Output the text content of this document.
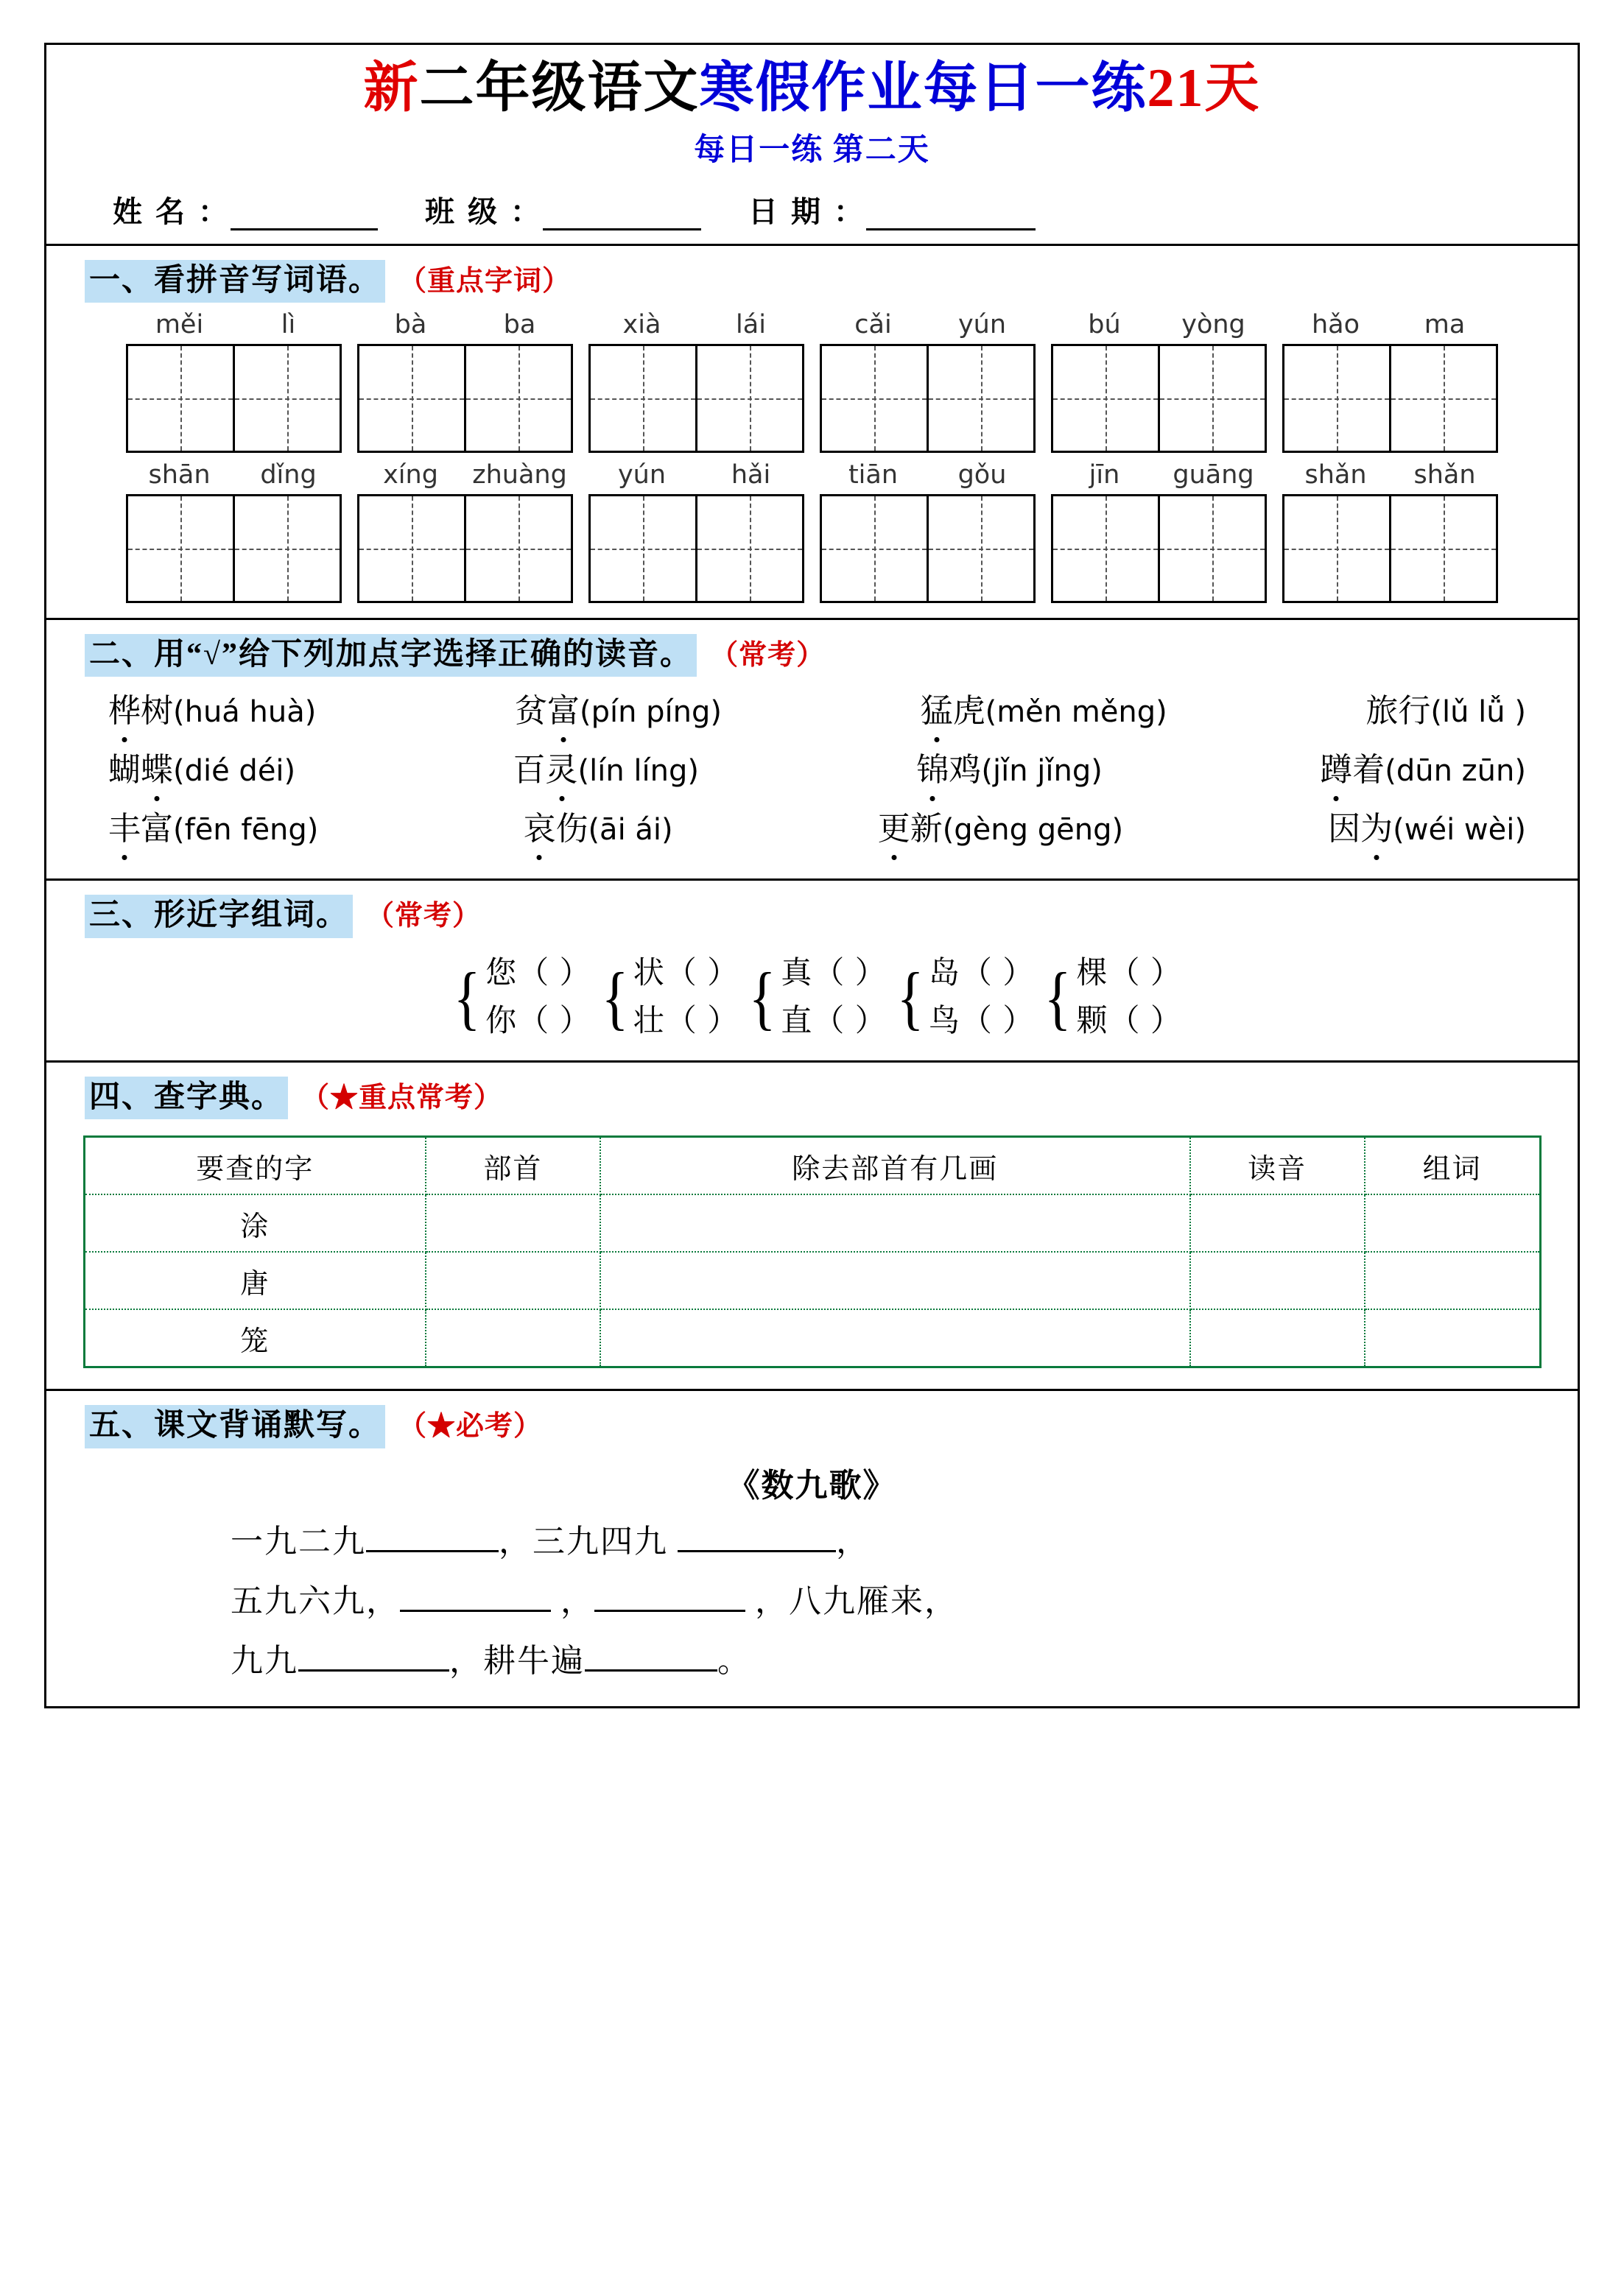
新二年级语文寒假作业每日一练21天
每日一练 第二天
姓 名 ：	班 级 ：	日 期 ：
一、看拼音写词语。 （重点字词）
měi	lì	bà	ba	xià	lái	cǎi	yún	bú	yòng	hǎo	ma
shān	dǐng	xíng	zhuàng	yún	hǎi	tiān	gǒu	jīn	guāng	shǎn	shǎn
二、用“√”给下列加点字选择正确的读音。 （常考）
桦树(huá huà)	贫富(pín píng)	猛虎(měn měng)	旅行(lǔ lǚ )
蝴蝶(dié déi)	百灵(lín líng)	锦鸡(jǐn jǐng)	蹲着(dūn zūn)
丰富(fēn fēng)	哀伤(āi ái)	更新(gèng gēng)	因为(wéi wèi)
三、形近字组词。 （常考）
{ 您（ ）
你（ ） { 状（ ）
壮（ ） { 真（ ）
直（ ） { 岛（ ）
鸟（ ） { 棵（ ）
颗（ ）
四、查字典。 （★重点常考）
要查的字	部首	除去部首有几画	读音	组词
涂				
唐				
笼				
五、课文背诵默写。 （★必考）
《数九歌》
一九二九	，三九四九	，
五九六九，	，	，八九雁来，
九九	，耕牛遍	。
